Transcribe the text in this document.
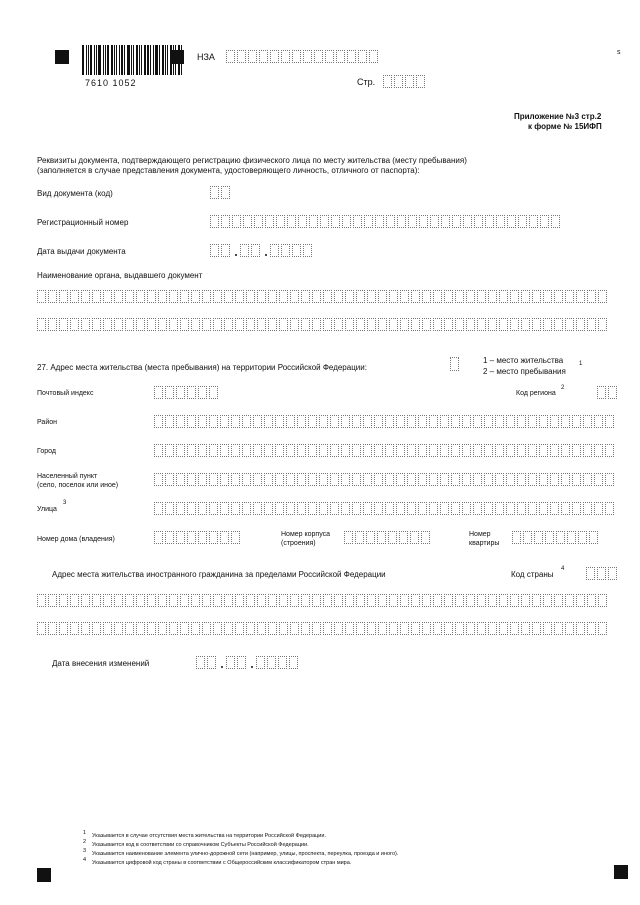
7610 1052
НЗА	s
Стр.
Приложение №3 стр.2
к форме № 15ИФП
Реквизиты документа, подтверждающего регистрацию физического лица по месту жительства (месту пребывания)
(заполняется в случае представления документа, удостоверяющего личность, отличного от паспорта):
Вид документа (код)
Регистрационный номер
Дата выдачи документа
Наименование органа, выдавшего документ
27. Адрес места жительства (места пребывания) на территории Российской Федерации:
1 – место жительства	1
2 – место пребывания
Почтовый индекс	Код региона
2
Район
Город
Населенный пункт
(село, поселок или иное)
Улица
3
Номер дома (владения)
Номер корпуса
(строения)
Номер
квартиры
Адрес места жительства иностранного гражданина за пределами Российской Федерации	Код страны
4
Дата внесения изменений
1 Указывается в случае отсутствия места жительства на территории Российской Федерации.
2 Указывается код в соответствии со справочником Субъекты Российской Федерации.
3 Указывается наименование элемента улично-дорожной сети (например, улицы, проспекта, переулка, проезда и иного).
4 Указывается цифровой код страны в соответствии с Общероссийским классификатором стран мира.
